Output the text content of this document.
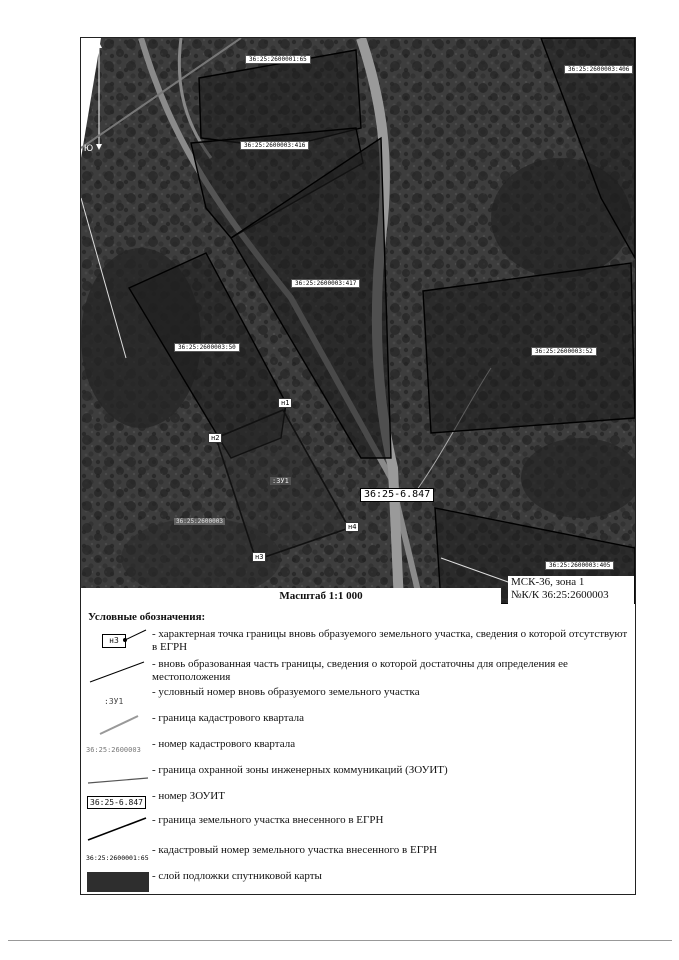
С
Ю
36:25:2600001:65
36:25:2600003:416
36:25:2600003:406
36:25:2600003:417
36:25:2600003:50
36:25:2600003:52
36:25:2600003:405
н1
н2
н3
н4
36:25-6.847
:ЗУ1
36:25:2600003
Масштаб 1:1 000
МСК-36, зона 1
№К/К 36:25:2600003
Условные обозначения:
н3
- характерная точка границы вновь образуемого земельного участка, сведения о которой отсутствуют в ЕГРН
- вновь образованная часть границы, сведения о которой достаточны для определения ее местоположения
:ЗУ1
- условный номер вновь образуемого земельного участка
- граница кадастрового квартала
36:25:2600003 - номер кадастрового квартала
- граница охранной зоны инженерных коммуникаций (ЗОУИТ)
36:25-6.847
- номер ЗОУИТ
- граница земельного участка внесенного в ЕГРН
36:25:2600001:65
- кадастровый номер земельного участка внесенного в ЕГРН
- слой подложки спутниковой карты
